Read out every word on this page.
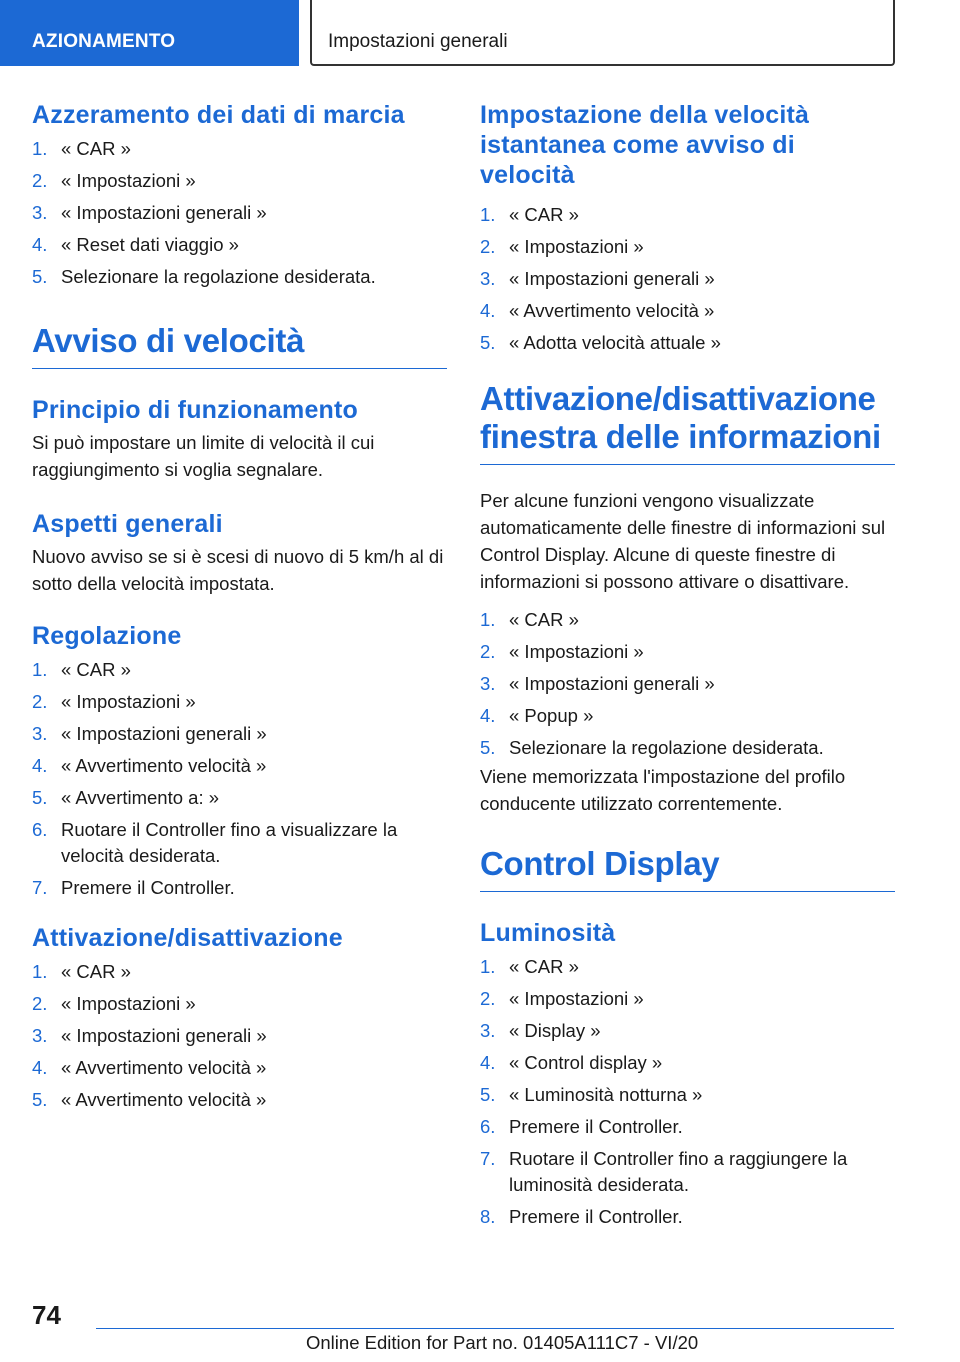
AZIONAMENTO	Impostazioni generali
Azzeramento dei dati di marcia
1. « CAR »
2. « Impostazioni »
3. « Impostazioni generali »
4. « Reset dati viaggio »
5. Selezionare la regolazione desiderata.
Avviso di velocità
Principio di funzionamento

Si può impostare un limite di velocità il cui raggiungimento si voglia segnalare.

Aspetti generali

Nuovo avviso se si è scesi di nuovo di 5 km/h al di sotto della velocità impostata.

Regolazione
1. « CAR »
2. « Impostazioni »
3. « Impostazioni generali »
4. « Avvertimento velocità »
5. « Avvertimento a: »
6. Ruotare il Controller fino a visualizzare la velocità desiderata.
7. Premere il Controller.
Attivazione/disattivazione
1. « CAR »
2. « Impostazioni »
3. « Impostazioni generali »
4. « Avvertimento velocità »
5. « Avvertimento velocità »
Impostazione della velocità istantanea come avviso di velocità
1. « CAR »
2. « Impostazioni »
3. « Impostazioni generali »
4. « Avvertimento velocità »
5. « Adotta velocità attuale »
Attivazione/disattivazione finestra delle informazioni

Per alcune funzioni vengono visualizzate automaticamente delle finestre di informazioni sul Control Display. Alcune di queste finestre di informazioni si possono attivare o disattivare.

1. « CAR »
2. « Impostazioni »
3. « Impostazioni generali »
4. « Popup »
5. Selezionare la regolazione desiderata.

Viene memorizzata l'impostazione del profilo conducente utilizzato correntemente.

Control Display
Luminosità
1. « CAR »
2. « Impostazioni »
3. « Display »
4. « Control display »
5. « Luminosità notturna »
6. Premere il Controller.
7. Ruotare il Controller fino a raggiungere la luminosità desiderata.
8. Premere il Controller.
74
Online Edition for Part no. 01405A111C7 - VI/20
